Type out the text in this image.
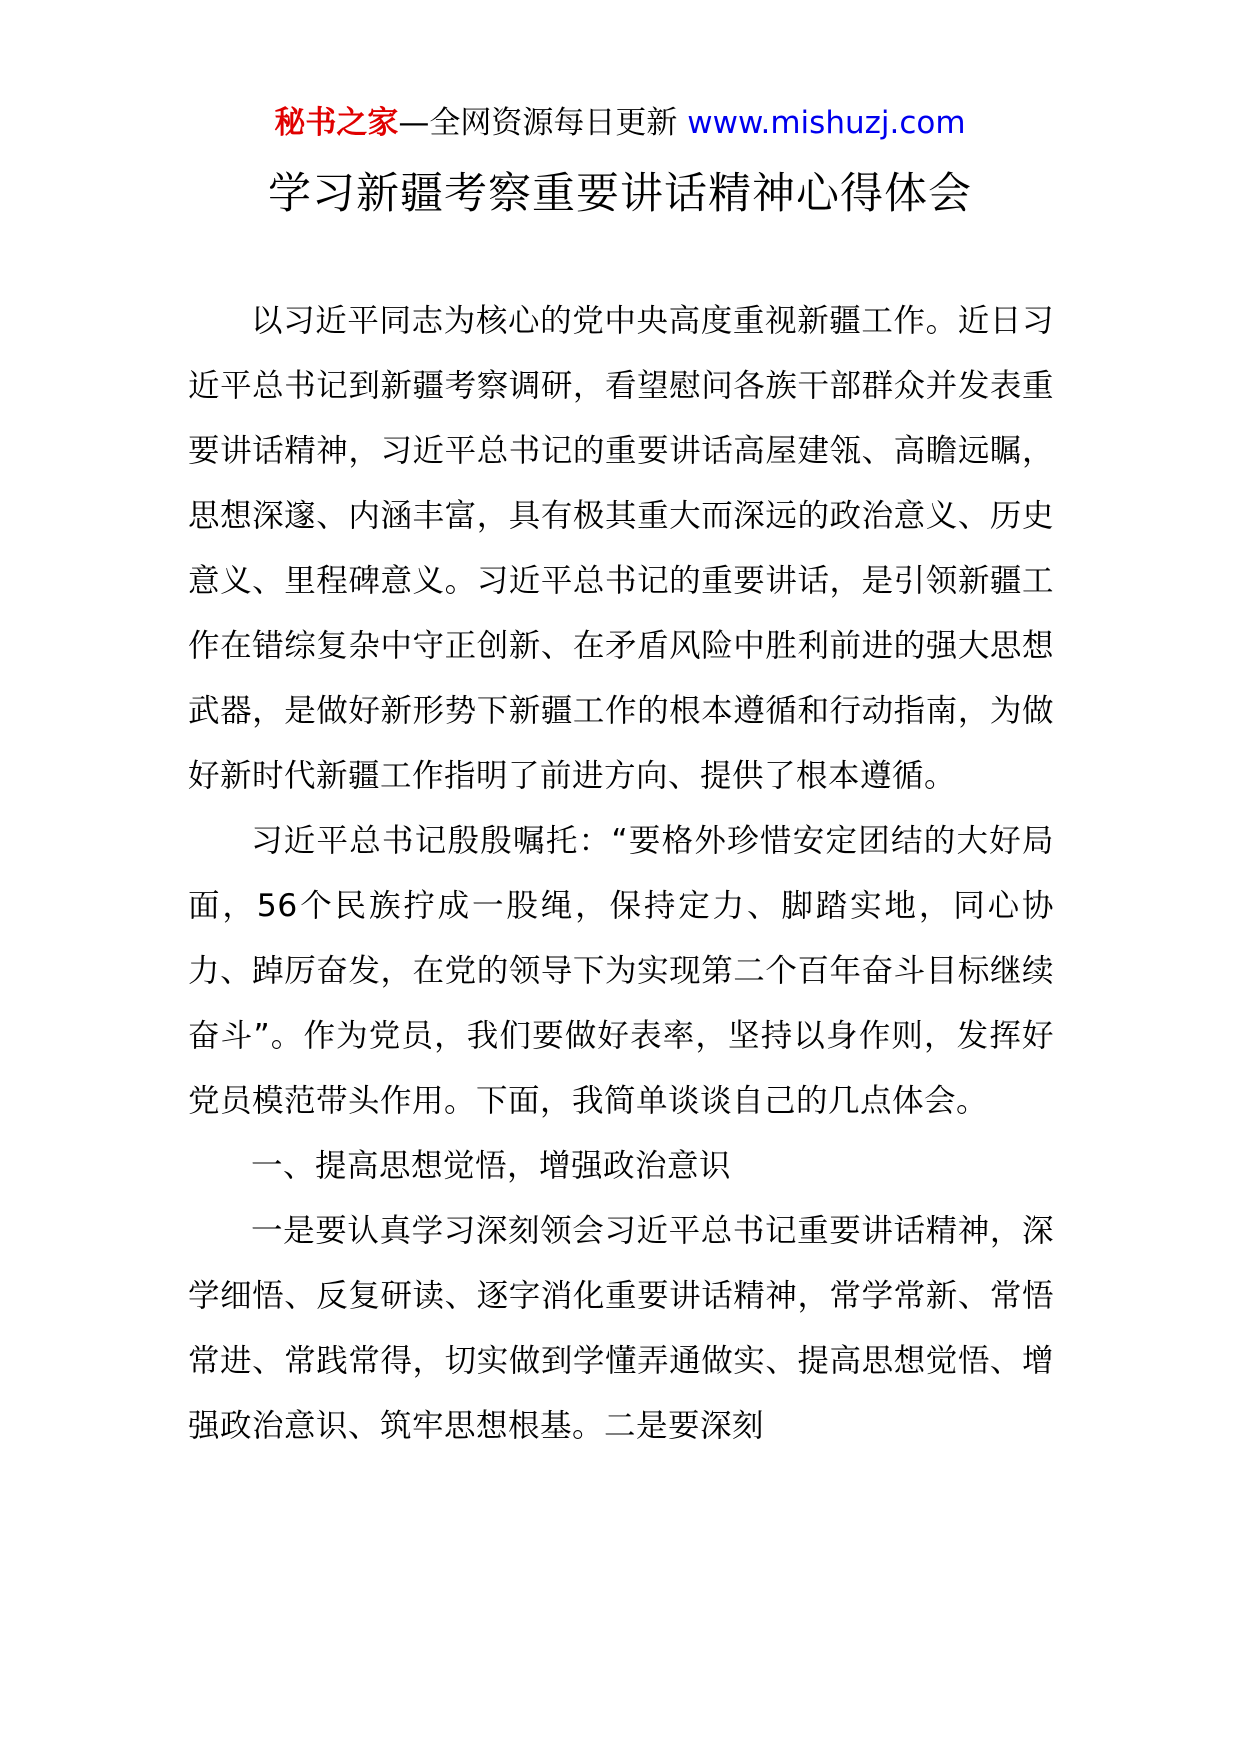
秘书之家—全网资源每日更新 www.mishuzj.com
学习新疆考察重要讲话精神心得体会

以习近平同志为核心的党中央高度重视新疆工作。近日习近平总书记到新疆考察调研，看望慰问各族干部群众并发表重要讲话精神，习近平总书记的重要讲话高屋建瓴、高瞻远瞩，思想深邃、内涵丰富，具有极其重大而深远的政治意义、历史意义、里程碑意义。习近平总书记的重要讲话，是引领新疆工作在错综复杂中守正创新、在矛盾风险中胜利前进的强大思想武器，是做好新形势下新疆工作的根本遵循和行动指南，为做好新时代新疆工作指明了前进方向、提供了根本遵循。

习近平总书记殷殷嘱托：“要格外珍惜安定团结的大好局面，56个民族拧成一股绳，保持定力、脚踏实地，同心协力、踔厉奋发，在党的领导下为实现第二个百年奋斗目标继续奋斗”。作为党员，我们要做好表率，坚持以身作则，发挥好党员模范带头作用。下面，我简单谈谈自己的几点体会。

一、提高思想觉悟，增强政治意识

一是要认真学习深刻领会习近平总书记重要讲话精神，深学细悟、反复研读、逐字消化重要讲话精神，常学常新、常悟常进、常践常得，切实做到学懂弄通做实、提高思想觉悟、增强政治意识、筑牢思想根基。二是要深刻
